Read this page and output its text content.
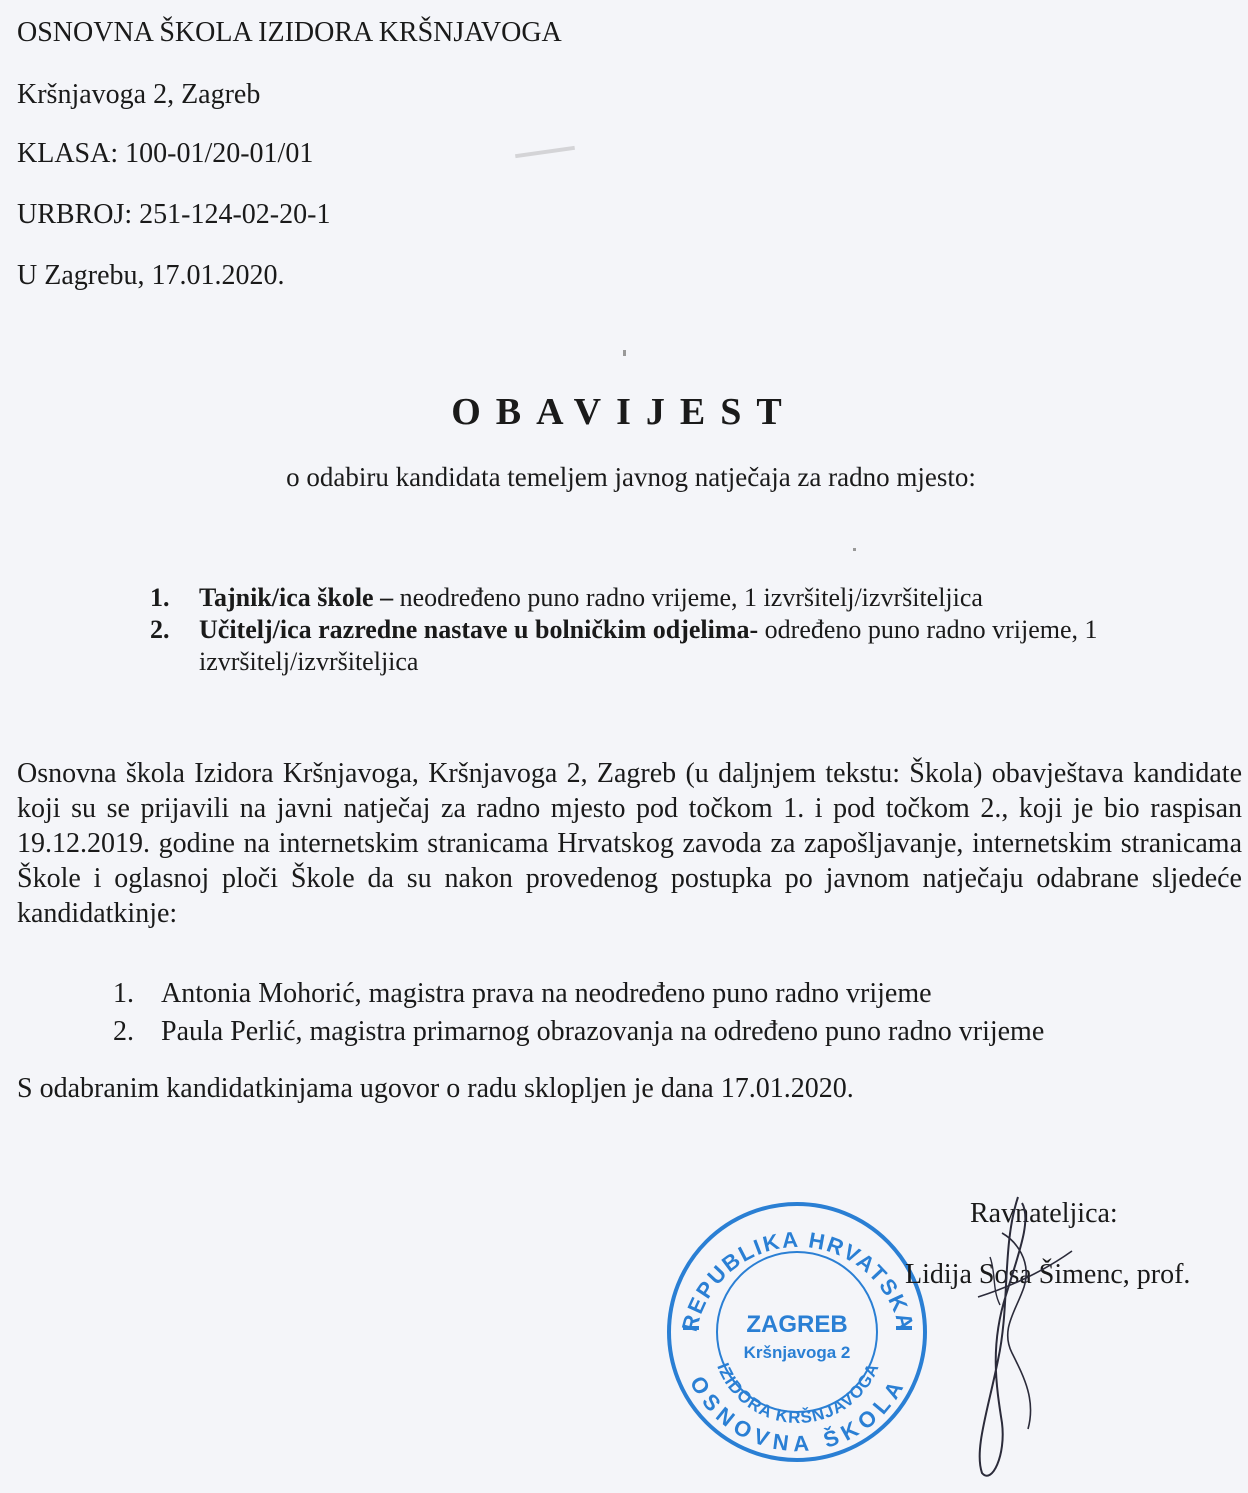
OSNOVNA ŠKOLA IZIDORA KRŠNJAVOGA
Kršnjavoga 2, Zagreb
KLASA: 100-01/20-01/01
URBROJ: 251-124-02-20-1
U Zagrebu, 17.01.2020.
OBAVIJEST
o odabiru kandidata temeljem javnog natječaja za radno mjesto:
1.	Tajnik/ica škole – neodređeno puno radno vrijeme, 1 izvršitelj/izvršiteljica
2.	Učitelj/ica razredne nastave u bolničkim odjelima- određeno puno radno vrijeme, 1 izvršitelj/izvršiteljica
Osnovna škola Izidora Kršnjavoga, Kršnjavoga 2, Zagreb (u daljnjem tekstu: Škola) obavještava kandidate koji su se prijavili na javni natječaj za radno mjesto pod točkom 1. i pod točkom 2., koji je bio raspisan 19.12.2019. godine na internetskim stranicama Hrvatskog zavoda za zapošljavanje, internetskim stranicama Škole i oglasnoj ploči Škole da su nakon provedenog postupka po javnom natječaju odabrane sljedeće kandidatkinje:
1. Antonia Mohorić, magistra prava na neodređeno puno radno vrijeme
2. Paula Perlić, magistra primarnog obrazovanja na određeno puno radno vrijeme
S odabranim kandidatkinjama ugovor o radu sklopljen je dana 17.01.2020.
REPUBLIKA HRVATSKA
OSNOVNA ŠKOLA
IZIDORA KRŠNJAVOGA
ZAGREB
Kršnjavoga 2
Ravnateljica:
Lidija Sosa Šimenc, prof.
